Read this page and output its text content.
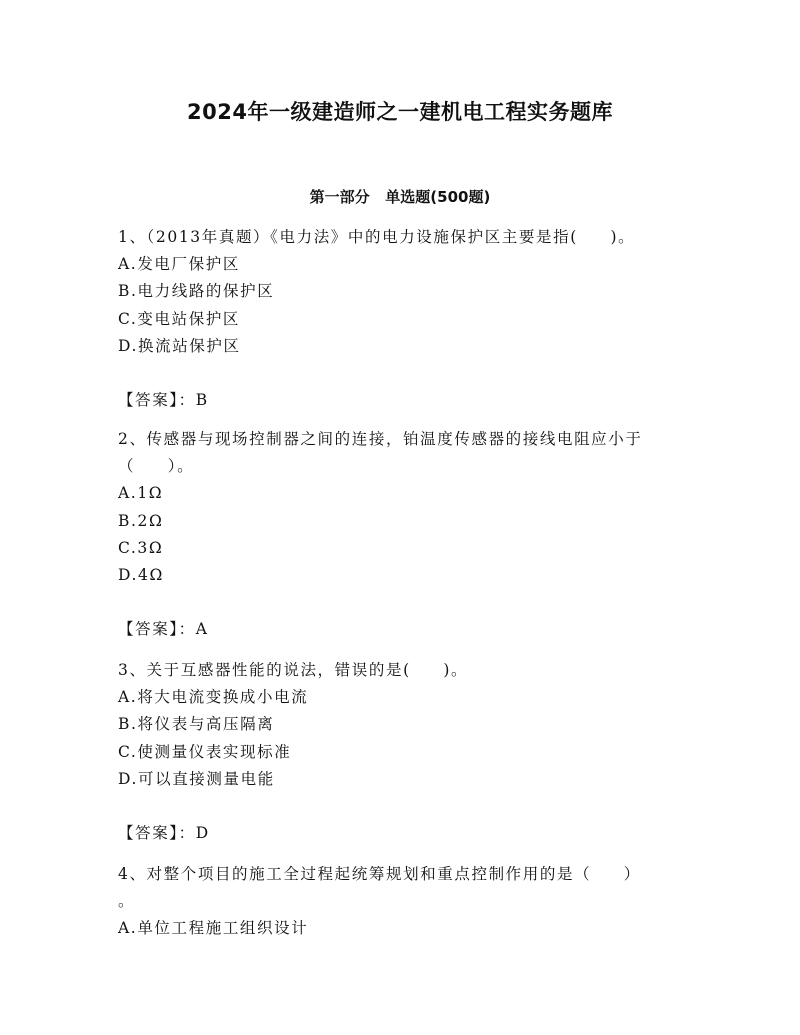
2024年一级建造师之一建机电工程实务题库
第一部分   单选题(500题)
1、（2013年真题）《电力法》中的电力设施保护区主要是指(     )。
A.发电厂保护区
B.电力线路的保护区
C.变电站保护区
D.换流站保护区
【答案】：B
2、传感器与现场控制器之间的连接，铂温度传感器的接线电阻应小于
（     ）。
A.1Ω
B.2Ω
C.3Ω
D.4Ω
【答案】：A
3、关于互感器性能的说法，错误的是(     )。
A.将大电流变换成小电流
B.将仪表与高压隔离
C.使测量仪表实现标准
D.可以直接测量电能
【答案】：D
4、对整个项目的施工全过程起统筹规划和重点控制作用的是（     ）
。
A.单位工程施工组织设计
